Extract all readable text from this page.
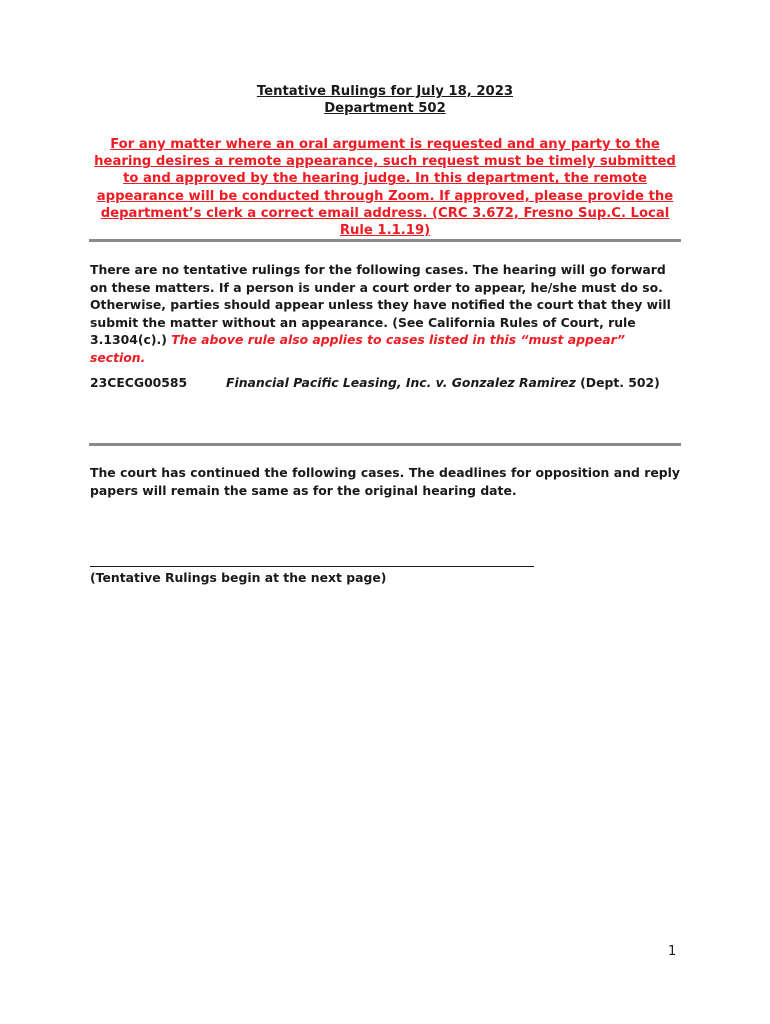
Tentative Rulings for July 18, 2023
Department 502
For any matter where an oral argument is requested and any party to the hearing desires a remote appearance, such request must be timely submitted to and approved by the hearing judge. In this department, the remote appearance will be conducted through Zoom. If approved, please provide the department’s clerk a correct email address. (CRC 3.672, Fresno Sup.C. Local Rule 1.1.19)
There are no tentative rulings for the following cases. The hearing will go forward on these matters. If a person is under a court order to appear, he/she must do so. Otherwise, parties should appear unless they have notified the court that they will submit the matter without an appearance. (See California Rules of Court, rule 3.1304(c).) The above rule also applies to cases listed in this “must appear” section.
23CECG00585	Financial Pacific Leasing, Inc. v. Gonzalez Ramirez (Dept. 502)
The court has continued the following cases. The deadlines for opposition and reply papers will remain the same as for the original hearing date.
(Tentative Rulings begin at the next page)
1
